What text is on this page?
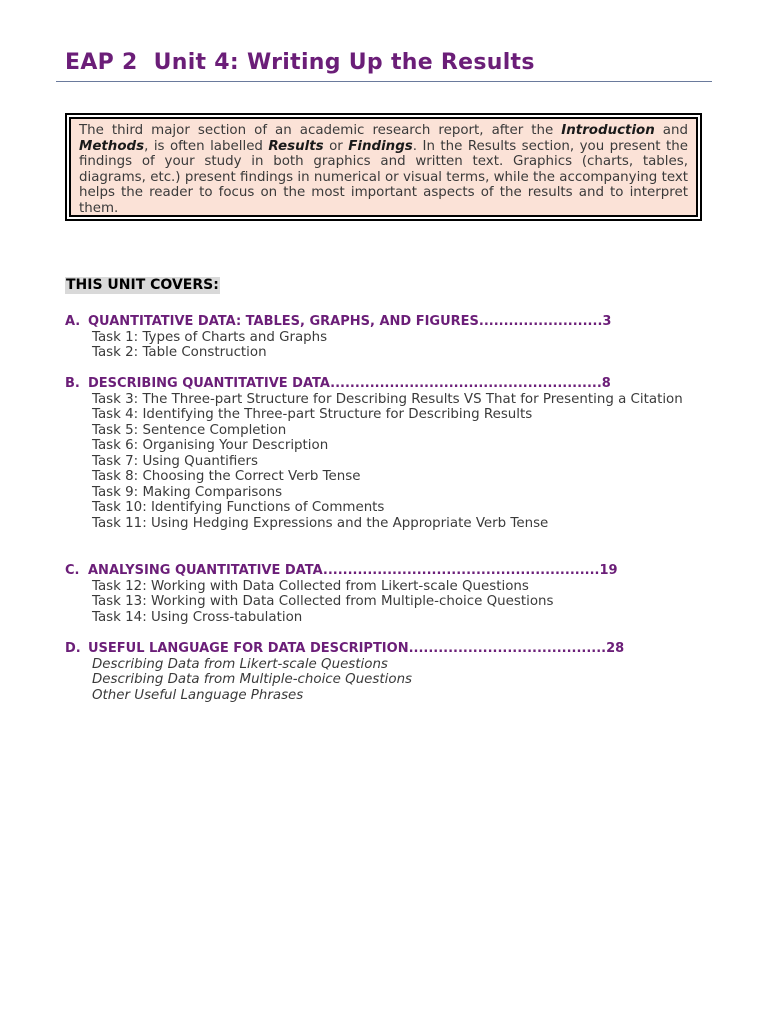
EAP 2  Unit 4: Writing Up the Results
The third major section of an academic research report, after the Introduction and Methods, is often labelled Results or Findings. In the Results section, you present the findings of your study in both graphics and written text. Graphics (charts, tables, diagrams, etc.) present findings in numerical or visual terms, while the accompanying text helps the reader to focus on the most important aspects of the results and to interpret them.
THIS UNIT COVERS:
A. QUANTITATIVE DATA: TABLES, GRAPHS, AND FIGURES.........................3
Task 1: Types of Charts and Graphs
Task 2: Table Construction
B. DESCRIBING QUANTITATIVE DATA.......................................................8
Task 3: The Three-part Structure for Describing Results VS That for Presenting a Citation
Task 4: Identifying the Three-part Structure for Describing Results
Task 5: Sentence Completion
Task 6: Organising Your Description
Task 7: Using Quantifiers
Task 8: Choosing the Correct Verb Tense
Task 9: Making Comparisons
Task 10: Identifying Functions of Comments
Task 11: Using Hedging Expressions and the Appropriate Verb Tense
C. ANALYSING QUANTITATIVE DATA........................................................19
Task 12: Working with Data Collected from Likert-scale Questions
Task 13: Working with Data Collected from Multiple-choice Questions
Task 14: Using Cross-tabulation
D. USEFUL LANGUAGE FOR DATA DESCRIPTION........................................28
Describing Data from Likert-scale Questions
Describing Data from Multiple-choice Questions
Other Useful Language Phrases
